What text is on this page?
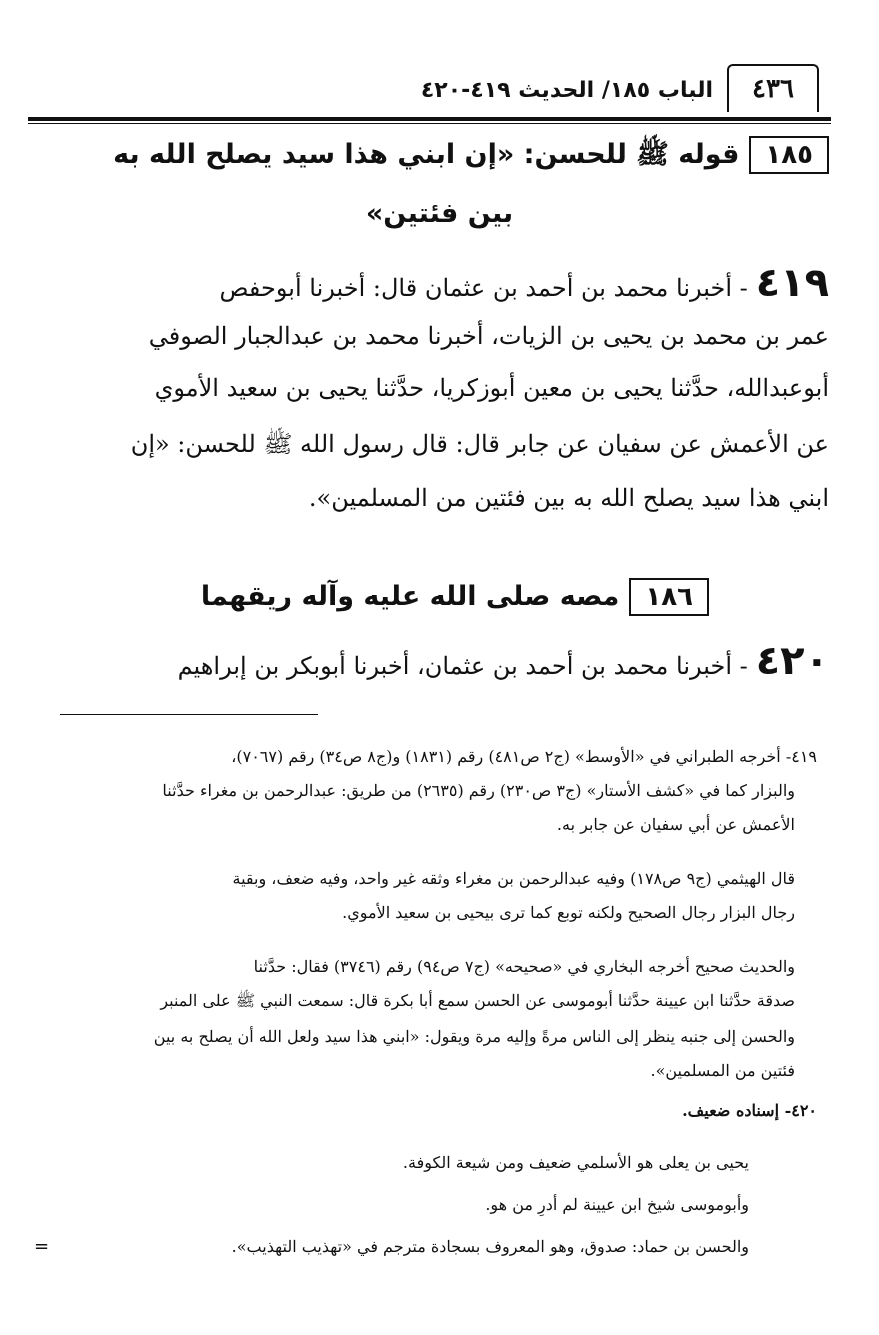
٤٣٦
الباب ١٨٥/ الحديث ٤١٩-٤٢٠
١٨٥قوله ﷺ للحسن: «إن ابني هذا سيد يصلح الله به
بين فئتين»
٤١٩- أخبرنا محمد بن أحمد بن عثمان قال: أخبرنا أبوحفص
عمر بن محمد بن يحيى بن الزيات، أخبرنا محمد بن عبدالجبار الصوفي
أبوعبدالله، حدَّثنا يحيى بن معين أبوزكريا، حدَّثنا يحيى بن سعيد الأموي
عن الأعمش عن سفيان عن جابر قال: قال رسول الله ﷺ للحسن: «إن
ابني هذا سيد يصلح الله به بين فئتين من المسلمين».
١٨٦مصه صلى الله عليه وآله ريقهما
٤٢٠- أخبرنا محمد بن أحمد بن عثمان، أخبرنا أبوبكر بن إبراهيم
٤١٩- أخرجه الطبراني في «الأوسط» (ج٢ ص٤٨١) رقم (١٨٣١) و(ج٨ ص٣٤) رقم (٧٠٦٧)،
والبزار كما في «كشف الأستار» (ج٣ ص٢٣٠) رقم (٢٦٣٥) من طريق: عبدالرحمن بن مغراء حدَّثنا
الأعمش عن أبي سفيان عن جابر به.
قال الهيثمي (ج٩ ص١٧٨) وفيه عبدالرحمن بن مغراء وثقه غير واحد، وفيه ضعف، وبقية
رجال البزار رجال الصحيح ولكنه توبع كما ترى بيحيى بن سعيد الأموي.
والحديث صحيح أخرجه البخاري في «صحيحه» (ج٧ ص٩٤) رقم (٣٧٤٦) فقال: حدَّثنا
صدقة حدَّثنا ابن عيينة حدَّثنا أبوموسى عن الحسن سمع أبا بكرة قال: سمعت النبي ﷺ على المنبر
والحسن إلى جنبه ينظر إلى الناس مرةً وإليه مرة ويقول: «ابني هذا سيد ولعل الله أن يصلح به بين
فئتين من المسلمين».
٤٢٠- إسناده ضعيف.
يحيى بن يعلى هو الأسلمي ضعيف ومن شيعة الكوفة.
وأبوموسى شيخ ابن عيينة لم أدرِ من هو.
والحسن بن حماد: صدوق، وهو المعروف بسجادة مترجم في «تهذيب التهذيب».
=
